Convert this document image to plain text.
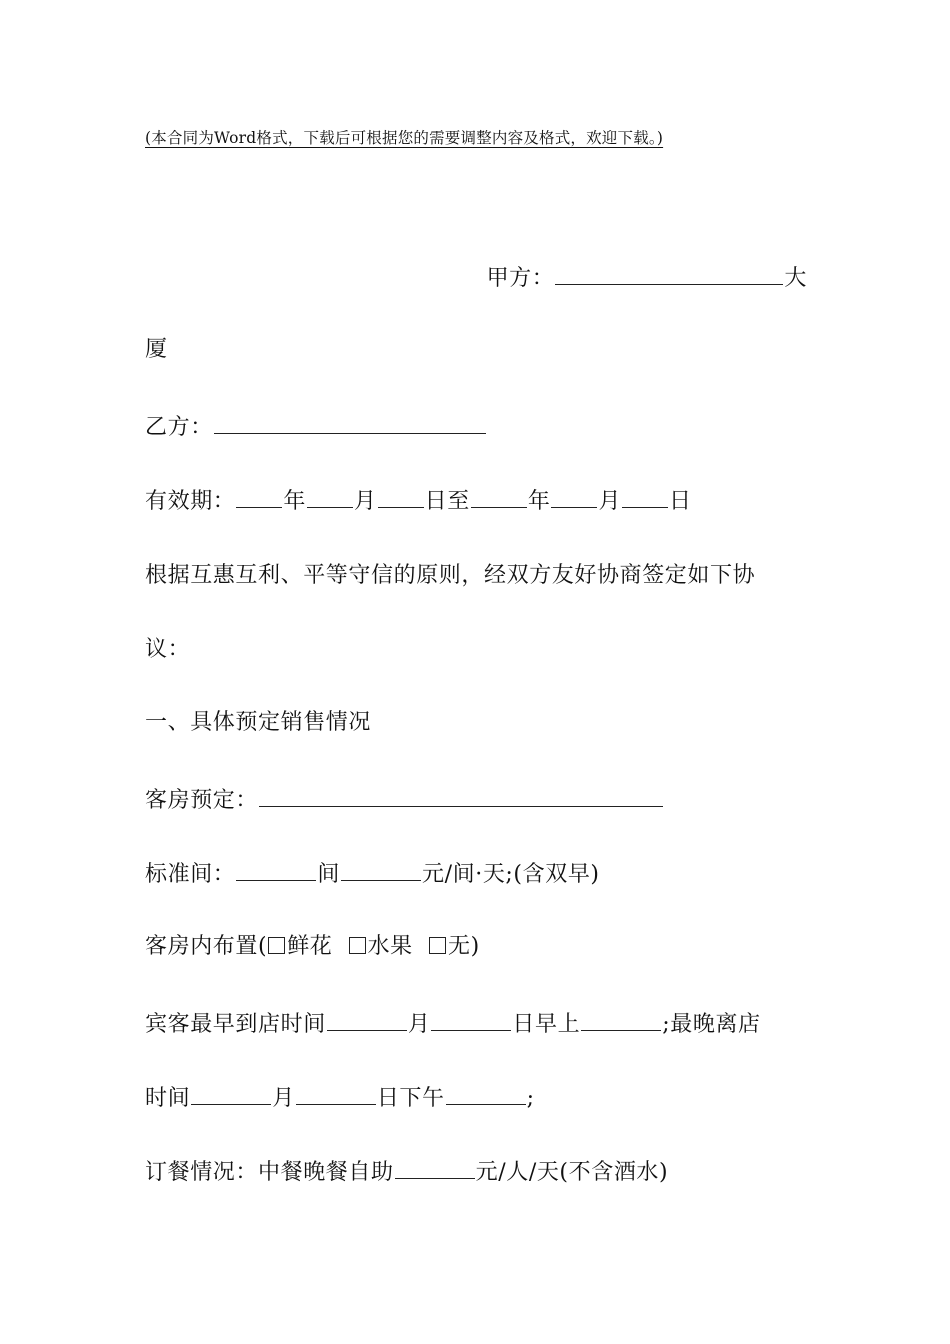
(本合同为Word格式，下载后可根据您的需要调整内容及格式，欢迎下载。)
甲方：	大
厦
乙方：
有效期： 年 月 日至	年 月 日
根据互惠互利、平等守信的原则，经双方友好协商签定如下协
议：
一、具体预定销售情况
客房预定：
标准间：	间	元/间·天;(含双早)
客房内布置( 鲜花 水果 无)
宾客最早到店时间	月	日早上	;最晚离店
时间	月	日下午	;
订餐情况：中餐晚餐自助	元/人/天(不含酒水)
